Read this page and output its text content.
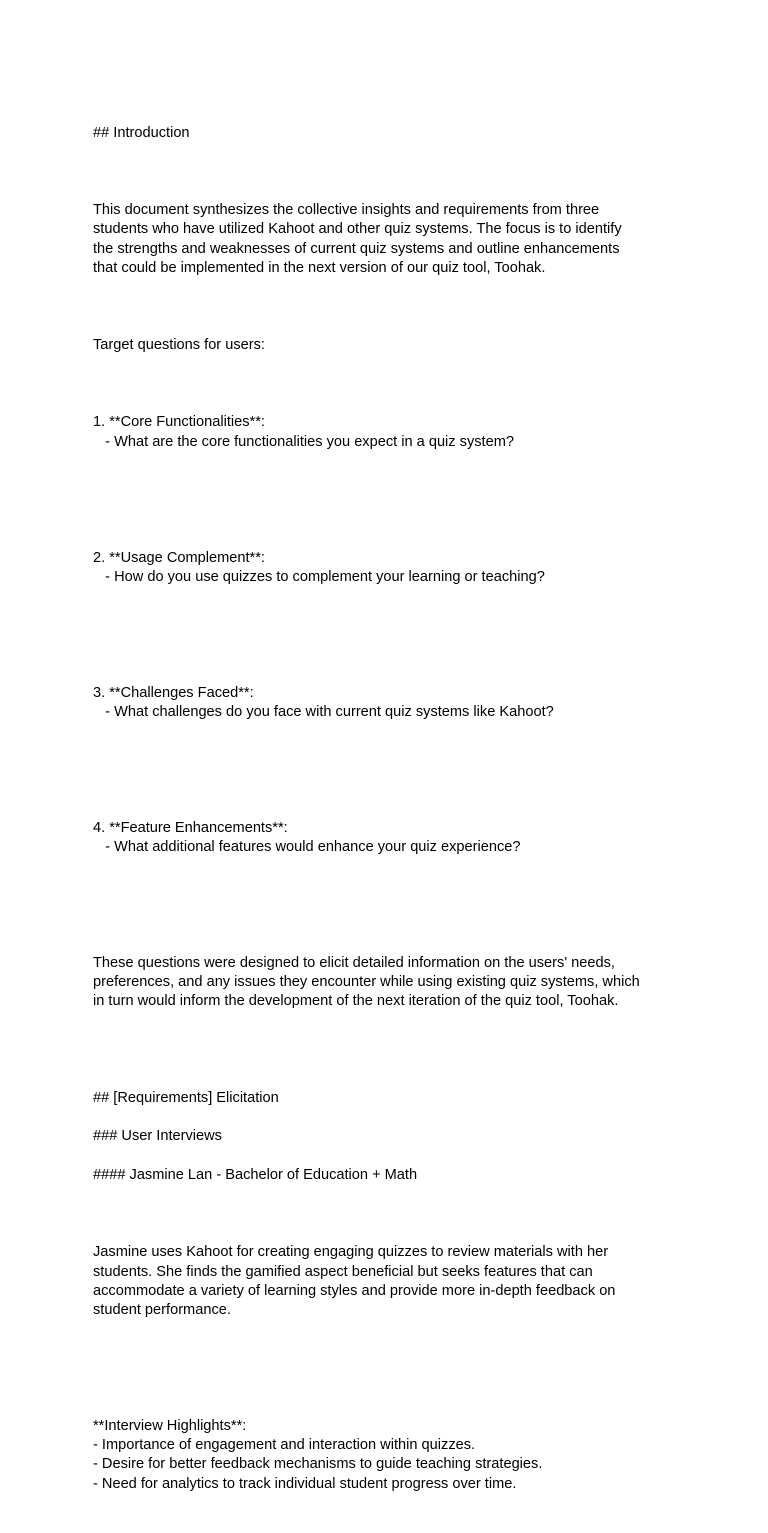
## Introduction

This document synthesizes the collective insights and requirements from three
students who have utilized Kahoot and other quiz systems. The focus is to identify
the strengths and weaknesses of current quiz systems and outline enhancements
that could be implemented in the next version of our quiz tool, Toohak.

Target questions for users:

1. **Core Functionalities**:
- What are the core functionalities you expect in a quiz system?

2. **Usage Complement**:
- How do you use quizzes to complement your learning or teaching?

3. **Challenges Faced**:
- What challenges do you face with current quiz systems like Kahoot?

4. **Feature Enhancements**:
- What additional features would enhance your quiz experience?

These questions were designed to elicit detailed information on the users' needs,
preferences, and any issues they encounter while using existing quiz systems, which
in turn would inform the development of the next iteration of the quiz tool, Toohak.

## [Requirements] Elicitation

### User Interviews

#### Jasmine Lan - Bachelor of Education + Math

Jasmine uses Kahoot for creating engaging quizzes to review materials with her
students. She finds the gamified aspect beneficial but seeks features that can
accommodate a variety of learning styles and provide more in-depth feedback on
student performance.

**Interview Highlights**:
- Importance of engagement and interaction within quizzes.
- Desire for better feedback mechanisms to guide teaching strategies.
- Need for analytics to track individual student progress over time.
